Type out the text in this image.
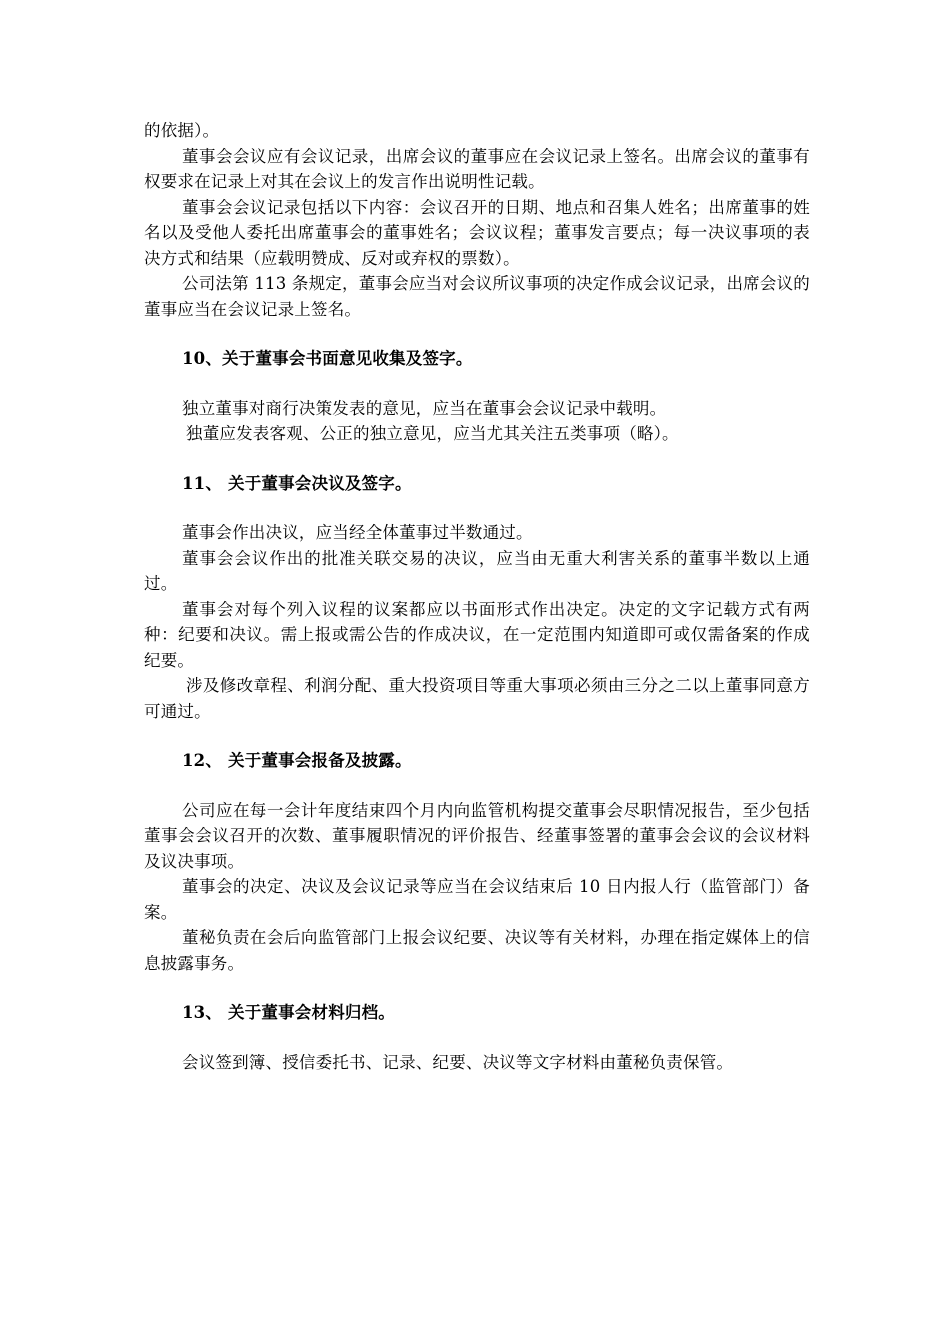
的依据）。

董事会会议应有会议记录，出席会议的董事应在会议记录上签名。出席会议的董事有权要求在记录上对其在会议上的发言作出说明性记载。

董事会会议记录包括以下内容：会议召开的日期、地点和召集人姓名；出席董事的姓名以及受他人委托出席董事会的董事姓名；会议议程；董事发言要点；每一决议事项的表决方式和结果（应载明赞成、反对或弃权的票数）。

公司法第 113 条规定，董事会应当对会议所议事项的决定作成会议记录，出席会议的董事应当在会议记录上签名。

10、关于董事会书面意见收集及签字。

独立董事对商行决策发表的意见，应当在董事会会议记录中载明。

独董应发表客观、公正的独立意见，应当尤其关注五类事项（略）。

11、 关于董事会决议及签字。

董事会作出决议，应当经全体董事过半数通过。

董事会会议作出的批准关联交易的决议，应当由无重大利害关系的董事半数以上通过。

董事会对每个列入议程的议案都应以书面形式作出决定。决定的文字记载方式有两种：纪要和决议。需上报或需公告的作成决议，在一定范围内知道即可或仅需备案的作成纪要。

涉及修改章程、利润分配、重大投资项目等重大事项必须由三分之二以上董事同意方可通过。

12、 关于董事会报备及披露。

公司应在每一会计年度结束四个月内向监管机构提交董事会尽职情况报告，至少包括董事会会议召开的次数、董事履职情况的评价报告、经董事签署的董事会会议的会议材料及议决事项。

董事会的决定、决议及会议记录等应当在会议结束后 10 日内报人行（监管部门）备案。

董秘负责在会后向监管部门上报会议纪要、决议等有关材料，办理在指定媒体上的信息披露事务。

13、 关于董事会材料归档。

会议签到簿、授信委托书、记录、纪要、决议等文字材料由董秘负责保管。
